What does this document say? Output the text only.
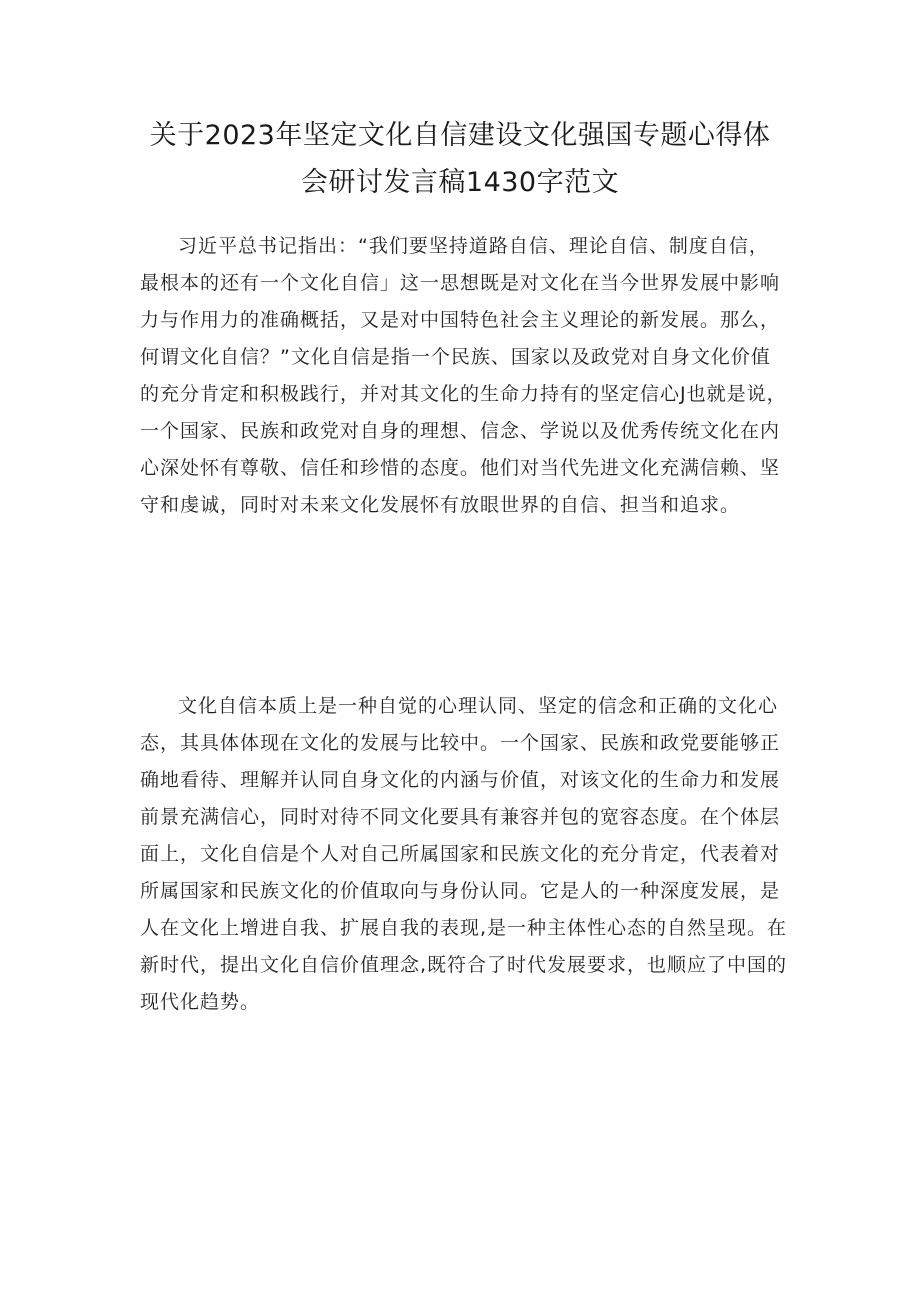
关于2023年坚定文化自信建设文化强国专题心得体
会研讨发言稿1430字范文
习近平总书记指出：“我们要坚持道路自信、理论自信、制度自信，
最根本的还有一个文化自信」这一思想既是对文化在当今世界发展中影响
力与作用力的准确概括，又是对中国特色社会主义理论的新发展。那么，
何谓文化自信？”文化自信是指一个民族、国家以及政党对自身文化价值
的充分肯定和积极践行，并对其文化的生命力持有的坚定信心J也就是说，
一个国家、民族和政党对自身的理想、信念、学说以及优秀传统文化在内
心深处怀有尊敬、信任和珍惜的态度。他们对当代先进文化充满信赖、坚
守和虔诚，同时对未来文化发展怀有放眼世界的自信、担当和追求。
文化自信本质上是一种自觉的心理认同、坚定的信念和正确的文化心
态，其具体体现在文化的发展与比较中。一个国家、民族和政党要能够正
确地看待、理解并认同自身文化的内涵与价值，对该文化的生命力和发展
前景充满信心，同时对待不同文化要具有兼容并包的宽容态度。在个体层
面上，文化自信是个人对自己所属国家和民族文化的充分肯定，代表着对
所属国家和民族文化的价值取向与身份认同。它是人的一种深度发展，是
人在文化上增进自我、扩展自我的表现,是一种主体性心态的自然呈现。在
新时代，提出文化自信价值理念,既符合了时代发展要求，也顺应了中国的
现代化趋势。
